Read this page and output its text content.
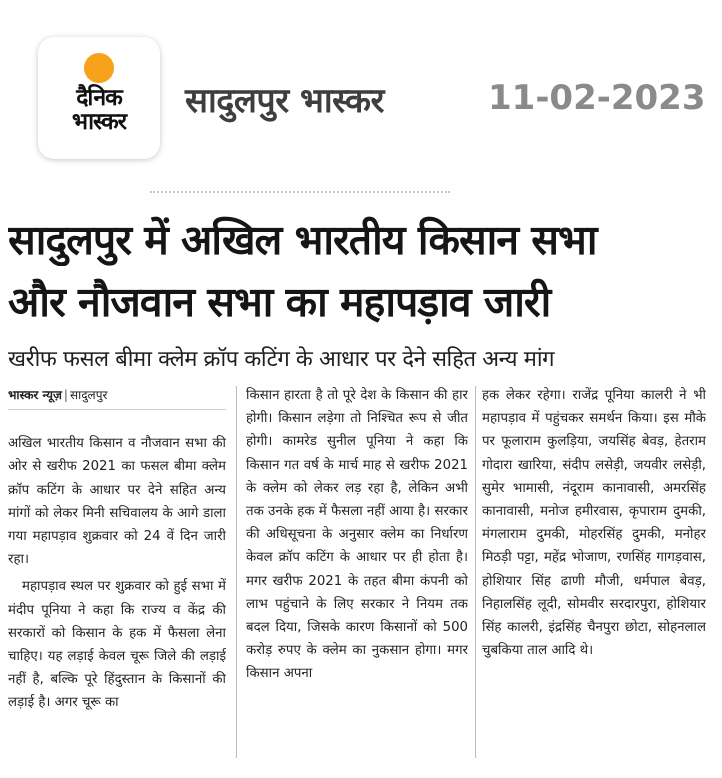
दैनिक
भास्कर
सादुलपुर भास्कर	11-02-2023
सादुलपुर में अखिल भारतीय किसान सभा
और नौजवान सभा का महापड़ाव जारी
खरीफ फसल बीमा क्लेम क्रॉप कटिंग के आधार पर देने सहित अन्य मांग
भास्कर न्यूज़ | सादुलपुर

अखिल भारतीय किसान व नौजवान सभा की ओर से खरीफ 2021 का फसल बीमा क्लेम क्रॉप कटिंग के आधार पर देने सहित अन्य मांगों को लेकर मिनी सचिवालय के आगे डाला गया महापड़ाव शुक्रवार को 24 वें दिन जारी रहा।

महापड़ाव स्थल पर शुक्रवार को हुई सभा में मंदीप पूनिया ने कहा कि राज्य व केंद्र की सरकारों को किसान के हक में फैसला लेना चाहिए। यह लड़ाई केवल चूरू जिले की लड़ाई नहीं है, बल्कि पूरे हिंदुस्तान के किसानों की लड़ाई है। अगर चूरू का

किसान हारता है तो पूरे देश के किसान की हार होगी। किसान लड़ेगा तो निश्चित रूप से जीत होगी। कामरेड सुनील पूनिया ने कहा कि किसान गत वर्ष के मार्च माह से खरीफ 2021 के क्लेम को लेकर लड़ रहा है, लेकिन अभी तक उनके हक में फैसला नहीं आया है। सरकार की अधिसूचना के अनुसार क्लेम का निर्धारण केवल क्रॉप कटिंग के आधार पर ही होता है। मगर खरीफ 2021 के तहत बीमा कंपनी को लाभ पहुंचाने के लिए सरकार ने नियम तक बदल दिया, जिसके कारण किसानों को 500 करोड़ रुपए के क्लेम का नुकसान होगा। मगर किसान अपना

हक लेकर रहेगा। राजेंद्र पूनिया कालरी ने भी महापड़ाव में पहुंचकर समर्थन किया। इस मौके पर फूलाराम कुलड़िया, जयसिंह बेवड़, हेतराम गोदारा खारिया, संदीप लसेड़ी, जयवीर लसेड़ी, सुमेर भामासी, नंदूराम कानावासी, अमरसिंह कानावासी, मनोज हमीरवास, कृपाराम दुमकी, मंगलाराम दुमकी, मोहरसिंह दुमकी, मनोहर मिठड़ी पट्टा, महेंद्र भोजाण, रणसिंह गागड़वास, होशियार सिंह ढाणी मौजी, धर्मपाल बेवड़, निहालसिंह लूदी, सोमवीर सरदारपुरा, होशियार सिंह कालरी, इंद्रसिंह चैनपुरा छोटा, सोहनलाल चुबकिया ताल आदि थे।
